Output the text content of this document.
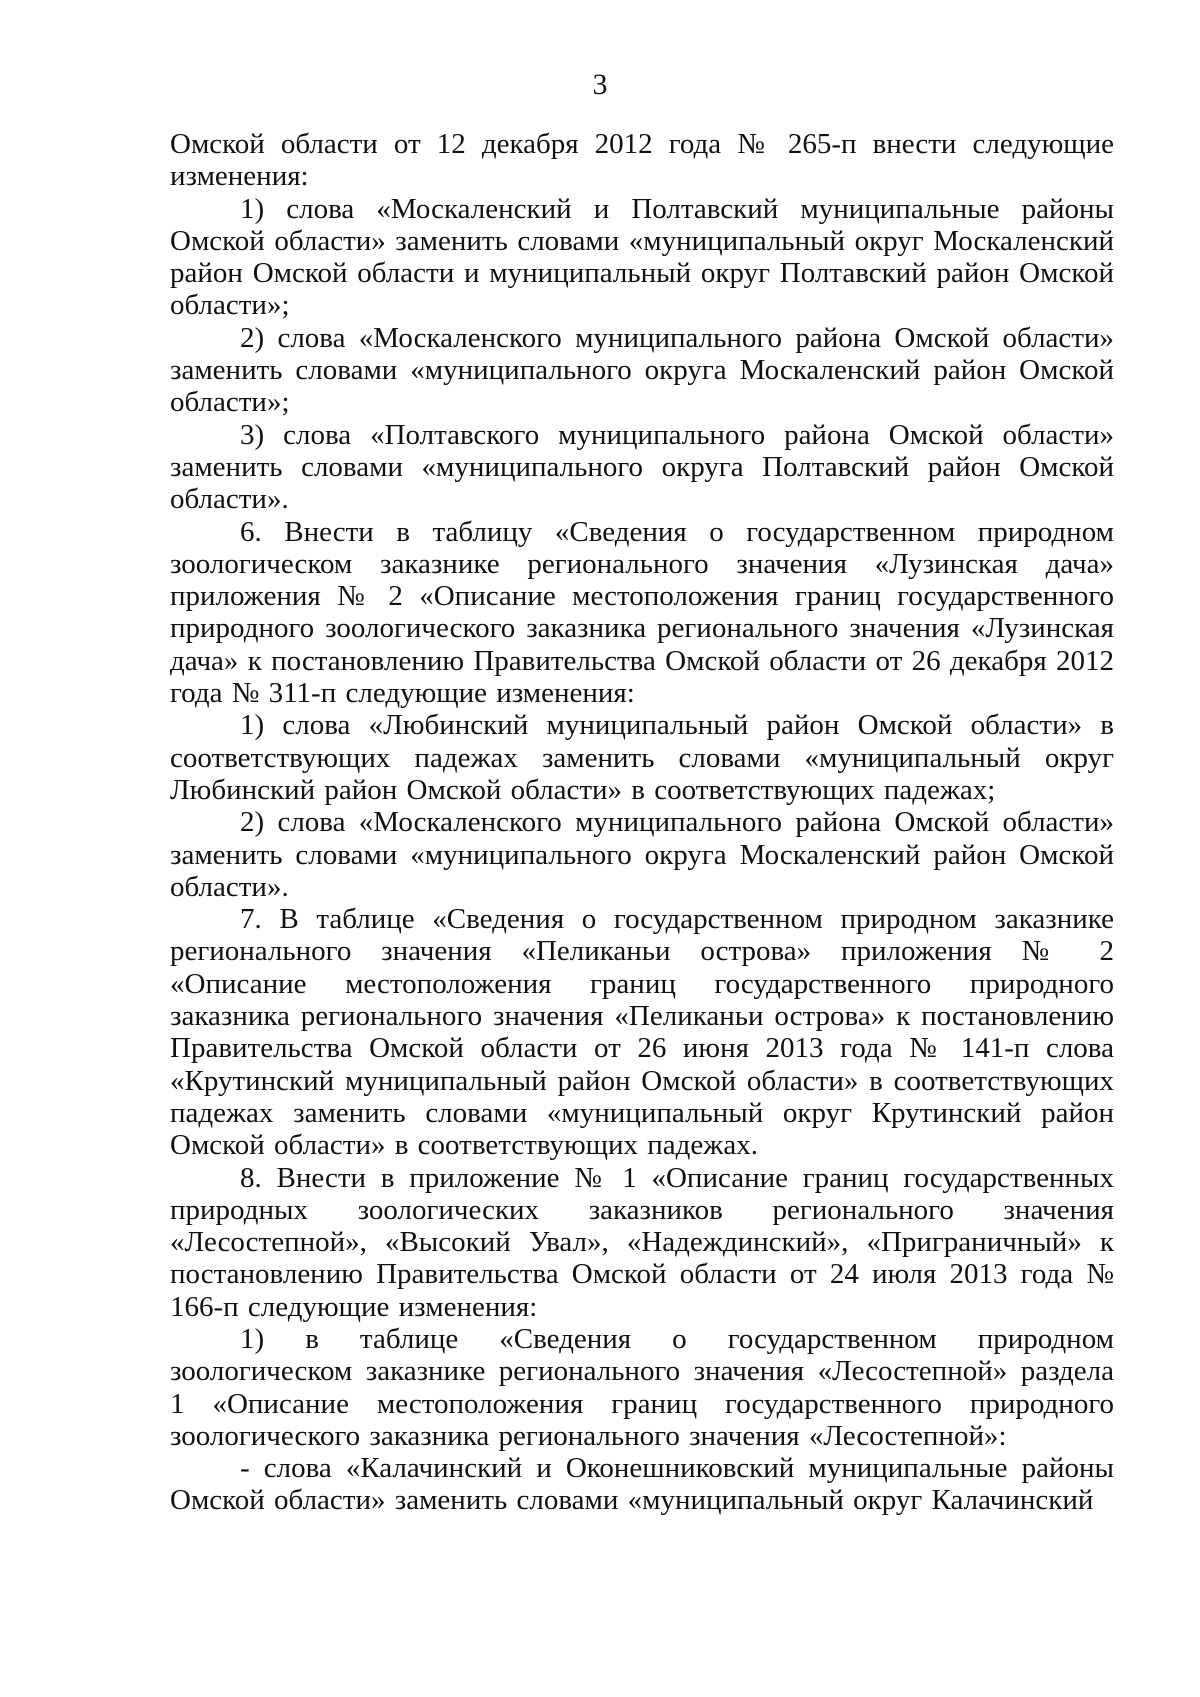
3

Омской области от 12 декабря 2012 года № 265-п внести следующие изменения:

1) слова «Москаленский и Полтавский муниципальные районы Омской области» заменить словами «муниципальный округ Москаленский район Омской области и муниципальный округ Полтавский район Омской области»;

2) слова «Москаленского муниципального района Омской области» заменить словами «муниципального округа Москаленский район Омской области»;

3) слова «Полтавского муниципального района Омской области» заменить словами «муниципального округа Полтавский район Омской области».

6. Внести в таблицу «Сведения о государственном природном зоологическом заказнике регионального значения «Лузинская дача» приложения № 2 «Описание местоположения границ государственного природного зоологического заказника регионального значения «Лузинская дача» к постановлению Правительства Омской области от 26 декабря 2012 года № 311-п следующие изменения:

1) слова «Любинский муниципальный район Омской области» в соответствующих падежах заменить словами «муниципальный округ Любинский район Омской области» в соответствующих падежах;

2) слова «Москаленского муниципального района Омской области» заменить словами «муниципального округа Москаленский район Омской области».

7. В таблице «Сведения о государственном природном заказнике регионального значения «Пеликаньи острова» приложения № 2 «Описание местоположения границ государственного природного заказника регионального значения «Пеликаньи острова» к постановлению Правительства Омской области от 26 июня 2013 года № 141-п слова «Крутинский муниципальный район Омской области» в соответствующих падежах заменить словами «муниципальный округ Крутинский район Омской области» в соответствующих падежах.

8. Внести в приложение № 1 «Описание границ государственных природных зоологических заказников регионального значения «Лесостепной», «Высокий Увал», «Надеждинский», «Приграничный» к постановлению Правительства Омской области от 24 июля 2013 года № 166-п следующие изменения:

1) в таблице «Сведения о государственном природном зоологическом заказнике регионального значения «Лесостепной» раздела 1 «Описание местоположения границ государственного природного зоологического заказника регионального значения «Лесостепной»:

- слова «Калачинский и Оконешниковский муниципальные районы Омской области» заменить словами «муниципальный округ Калачинский
